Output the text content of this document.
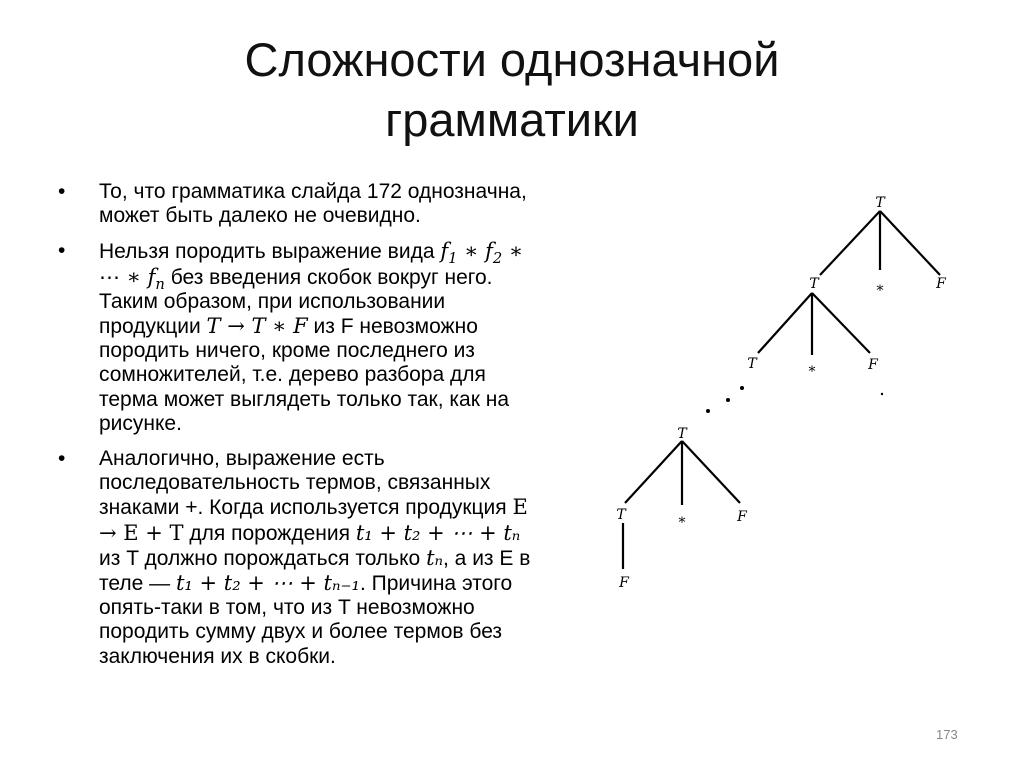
Сложности однозначной
грамматики
• То, что грамматика слайда 172 однозначна, может быть далеко не очевидно.
• Нельзя породить выражение вида $f_1$ ∗ $f_2$ ∗ ⋯ ∗ $f_n$ без введения скобок вокруг него. Таким образом, при использовании продукции T → T ∗ F из F невозможно породить ничего, кроме последнего из сомножителей, т.е. дерево разбора для терма может выглядеть только так, как на рисунке.
• Аналогично, выражение есть последовательность термов, связанных знаками +. Когда используется продукция E → E + T для порождения t₁ + t₂ + ⋯ + tₙ из T должно порождаться только tₙ, а из E в теле — t₁ + t₂ + ⋯ + tₙ₋₁. Причина этого опять-таки в том, что из T невозможно породить сумму двух и более термов без заключения их в скобки.
T
T	*	F
T	*	F
T
T	*	F
F
173
